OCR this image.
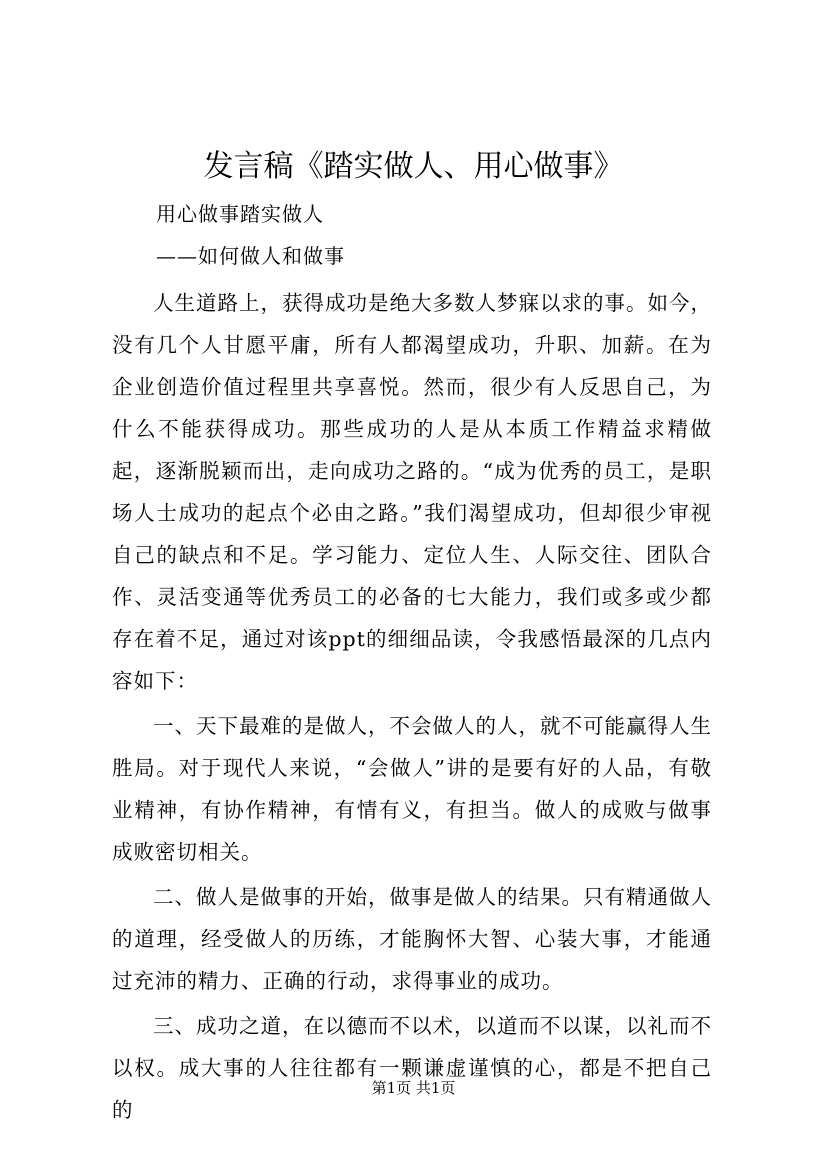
发言稿《踏实做人、用心做事》
用心做事踏实做人
——如何做人和做事

人生道路上，获得成功是绝大多数人梦寐以求的事。如今，没有几个人甘愿平庸，所有人都渴望成功，升职、加薪。在为企业创造价值过程里共享喜悦。然而，很少有人反思自己，为什么不能获得成功。那些成功的人是从本质工作精益求精做起，逐渐脱颖而出，走向成功之路的。“成为优秀的员工，是职场人士成功的起点个必由之路。”我们渴望成功，但却很少审视自己的缺点和不足。学习能力、定位人生、人际交往、团队合作、灵活变通等优秀员工的必备的七大能力，我们或多或少都存在着不足，通过对该ppt的细细品读，令我感悟最深的几点内容如下：

一、天下最难的是做人，不会做人的人，就不可能赢得人生胜局。对于现代人来说，“会做人”讲的是要有好的人品，有敬业精神，有协作精神，有情有义，有担当。做人的成败与做事成败密切相关。

二、做人是做事的开始，做事是做人的结果。只有精通做人的道理，经受做人的历练，才能胸怀大智、心装大事，才能通过充沛的精力、正确的行动，求得事业的成功。

三、成功之道，在以德而不以术，以道而不以谋，以礼而不以权。成大事的人往往都有一颗谦虚谨慎的心，都是不把自己的

第1页 共1页
